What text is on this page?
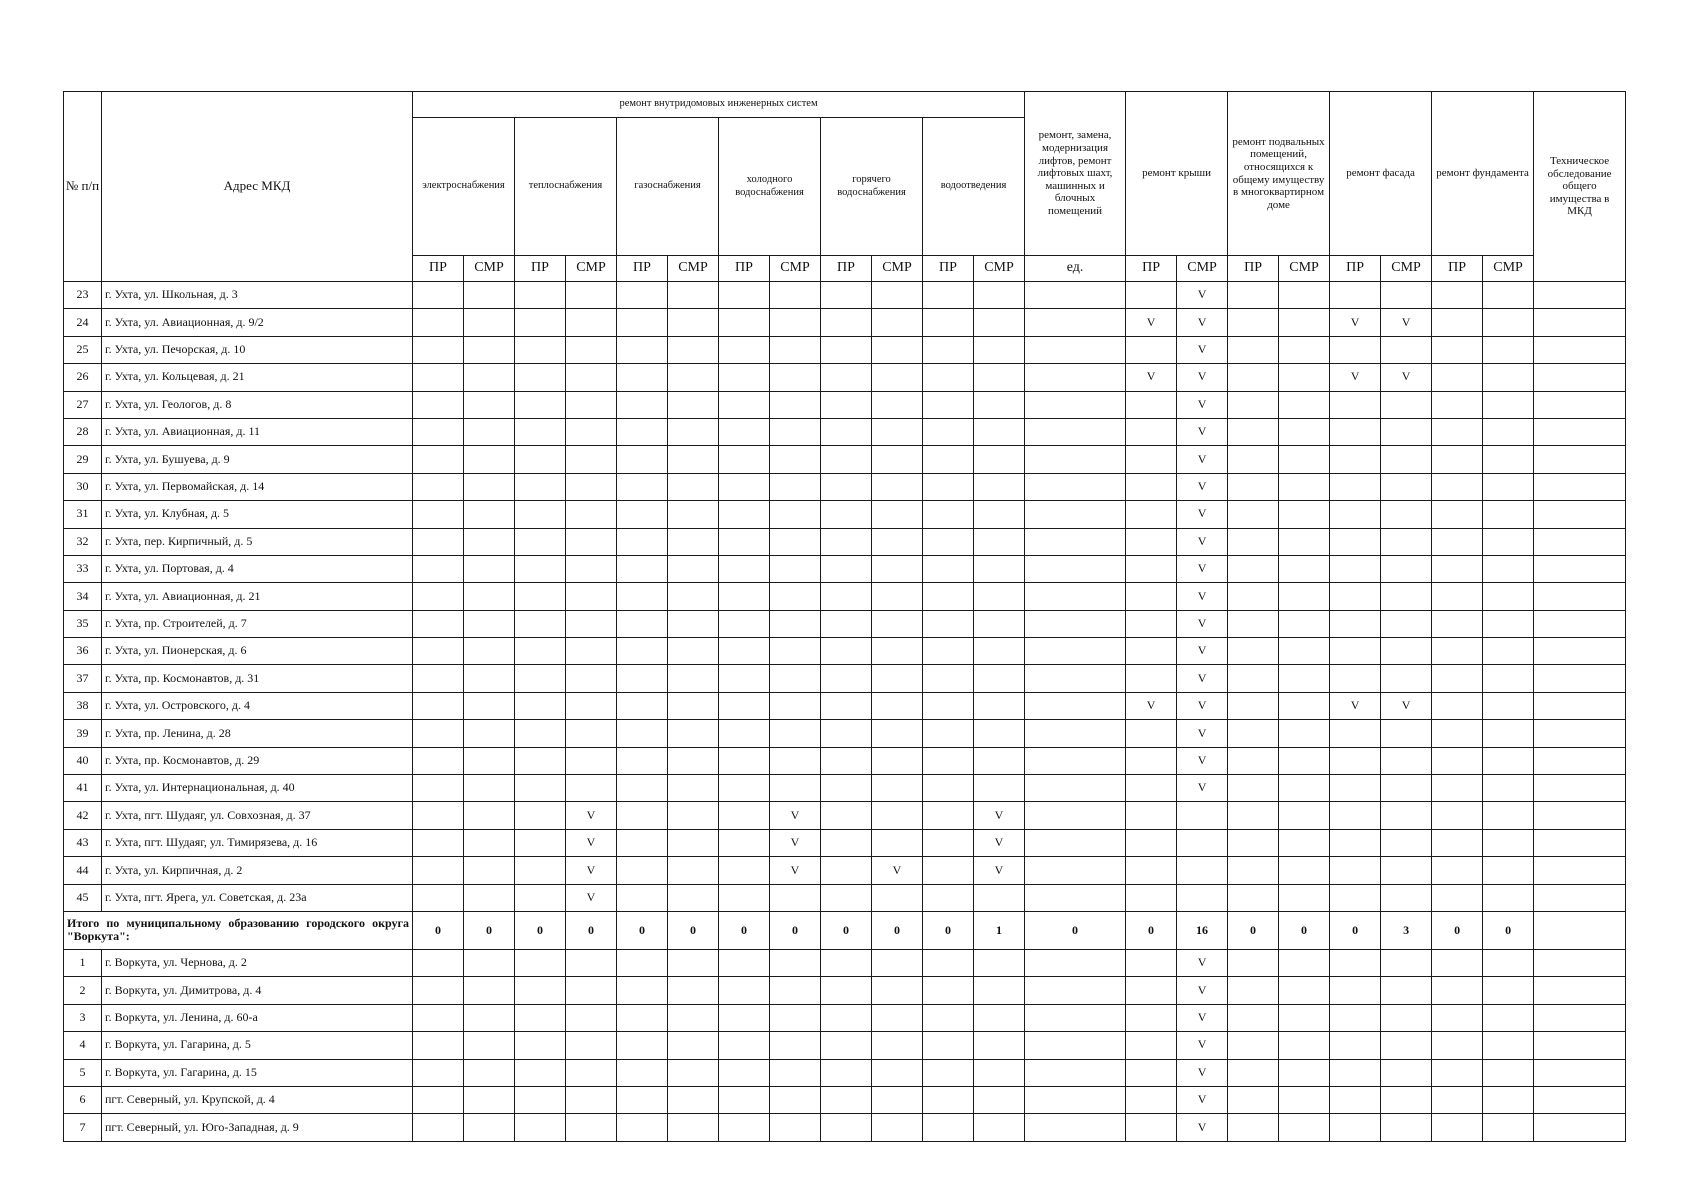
№ п/п	Адрес МКД	ремонт внутридомовых инженерных систем												ремонт, замена, модернизация лифтов, ремонт лифтовых шахт, машинных и блочных помещений	ремонт крыши		ремонт подвальных помещений, относящихся к общему имуществу в многоквартирном доме		ремонт фасада		ремонт фундамента		Техническое обследование общего имущества в МКД
		электроснабжения		теплоснабжения		газоснабжения		холодного водоснабжения		горячего водоснабжения		водоотведения											
		ПР	СМР	ПР	СМР	ПР	СМР	ПР	СМР	ПР	СМР	ПР	СМР	ед.	ПР	СМР	ПР	СМР	ПР	СМР	ПР	СМР	
23	г. Ухта, ул. Школьная, д. 3															V							
24	г. Ухта, ул. Авиационная, д. 9/2														V	V			V	V			
25	г. Ухта, ул. Печорская, д. 10															V							
26	г. Ухта, ул. Кольцевая, д. 21														V	V			V	V			
27	г. Ухта, ул. Геологов, д. 8															V							
28	г. Ухта, ул. Авиационная, д. 11															V							
29	г. Ухта, ул. Бушуева, д. 9															V							
30	г. Ухта, ул. Первомайская, д. 14															V							
31	г. Ухта, ул. Клубная, д. 5															V							
32	г. Ухта, пер. Кирпичный, д. 5															V							
33	г. Ухта, ул. Портовая, д. 4															V							
34	г. Ухта, ул. Авиационная, д. 21															V							
35	г. Ухта, пр. Строителей, д. 7															V							
36	г. Ухта, ул. Пионерская, д. 6															V							
37	г. Ухта, пр. Космонавтов, д. 31															V							
38	г. Ухта, ул. Островского, д. 4														V	V			V	V			
39	г. Ухта, пр. Ленина, д. 28															V							
40	г. Ухта, пр. Космонавтов, д. 29															V							
41	г. Ухта, ул. Интернациональная, д. 40															V							
42	г. Ухта, пгт. Шудаяг, ул. Совхозная, д. 37				V				V				V										
43	г. Ухта, пгт. Шудаяг, ул. Тимирязева, д. 16				V				V				V										
44	г. Ухта, ул. Кирпичная, д. 2				V				V		V		V										
45	г. Ухта, пгт. Ярега, ул. Советская, д. 23а				V																		
Итого по муниципальному образованию городского округа "Воркута":		0	0	0	0	0	0	0	0	0	0	0	1	0	0	16	0	0	0	3	0	0	
1	г. Воркута, ул. Чернова, д. 2															V							
2	г. Воркута, ул. Димитрова, д. 4															V							
3	г. Воркута, ул. Ленина, д. 60-а															V							
4	г. Воркута, ул. Гагарина, д. 5															V							
5	г. Воркута, ул. Гагарина, д. 15															V							
6	пгт. Северный, ул. Крупской, д. 4															V							
7	пгт. Северный, ул. Юго-Западная, д. 9															V							
